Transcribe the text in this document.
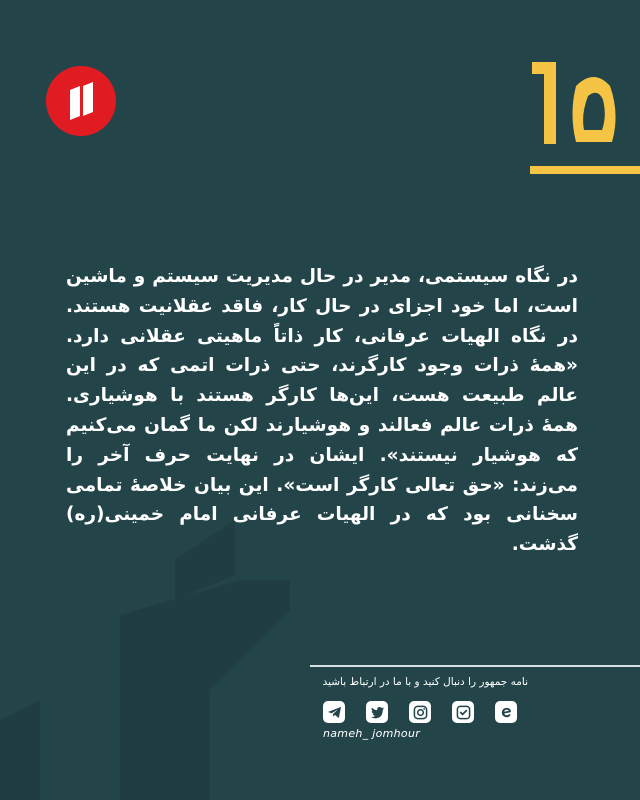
۱۵
در نگاه سیستمی، مدیر در حال مدیریت سیستم و ماشین است، اما خود اجزای در حال کار، فاقد عقلانیت هستند. در نگاه الهیات عرفانی، کار ذاتاً ماهیتی عقلانی دارد. «همهٔ ذرات وجود کارگرند، حتی ذرات اتمی که در این عالم طبیعت هست، این‌ها کارگر هستند با هوشیاری. همهٔ ذرات عالم فعالند و هوشیارند لکن ما گمان می‌کنیم که هوشیار نیستند». ایشان در نهایت حرف آخر را می‌زند: «حق تعالی کارگر است». این بیان خلاصهٔ تمامی سخنانی بود که در الهیات عرفانی امام خمینی(ره) گذشت.
نامه جمهور را دنبال کنید و با ما در ارتباط باشید
nameh_ jomhour
